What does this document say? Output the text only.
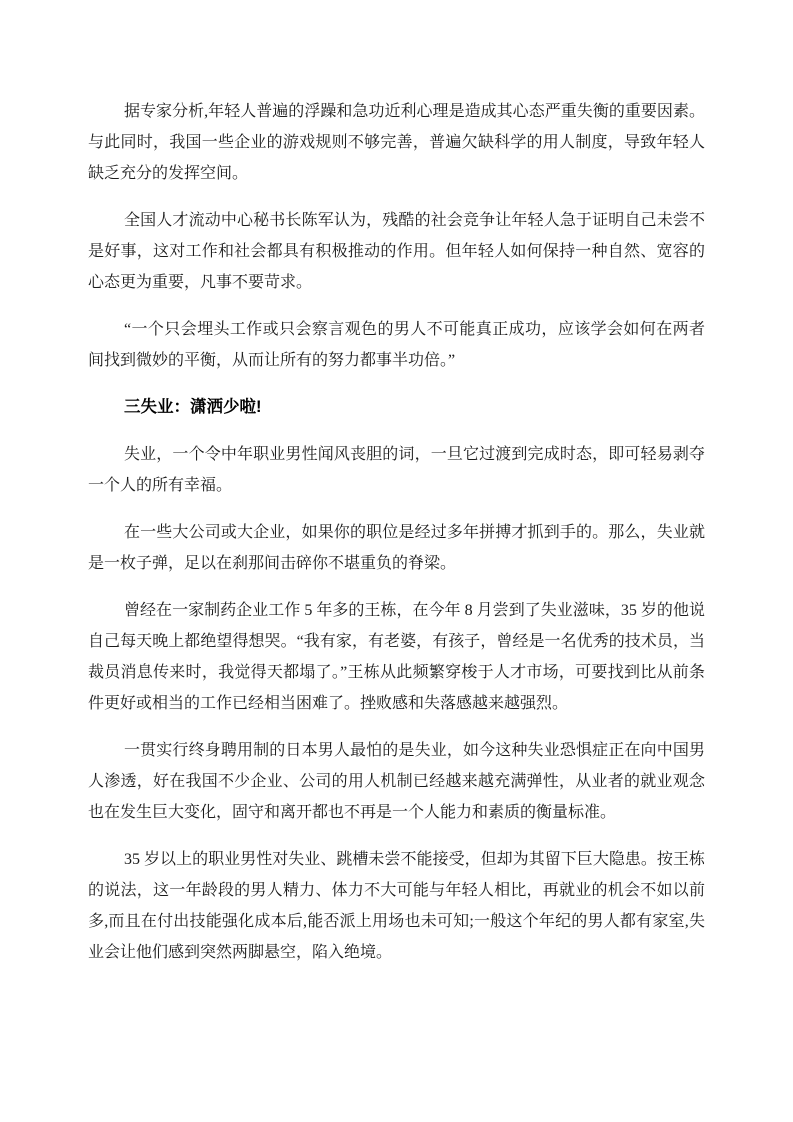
据专家分析,年轻人普遍的浮躁和急功近利心理是造成其心态严重失衡的重要因素。与此同时，我国一些企业的游戏规则不够完善，普遍欠缺科学的用人制度，导致年轻人缺乏充分的发挥空间。

全国人才流动中心秘书长陈军认为，残酷的社会竞争让年轻人急于证明自己未尝不是好事，这对工作和社会都具有积极推动的作用。但年轻人如何保持一种自然、宽容的心态更为重要，凡事不要苛求。

“一个只会埋头工作或只会察言观色的男人不可能真正成功，应该学会如何在两者间找到微妙的平衡，从而让所有的努力都事半功倍。”

三失业：潇洒少啦!

失业，一个令中年职业男性闻风丧胆的词，一旦它过渡到完成时态，即可轻易剥夺一个人的所有幸福。

在一些大公司或大企业，如果你的职位是经过多年拼搏才抓到手的。那么，失业就是一枚子弹，足以在刹那间击碎你不堪重负的脊梁。

曾经在一家制药企业工作 5 年多的王栋，在今年 8 月尝到了失业滋味，35 岁的他说自己每天晚上都绝望得想哭。“我有家，有老婆，有孩子，曾经是一名优秀的技术员，当裁员消息传来时，我觉得天都塌了。”王栋从此频繁穿梭于人才市场，可要找到比从前条件更好或相当的工作已经相当困难了。挫败感和失落感越来越强烈。

一贯实行终身聘用制的日本男人最怕的是失业，如今这种失业恐惧症正在向中国男人渗透，好在我国不少企业、公司的用人机制已经越来越充满弹性，从业者的就业观念也在发生巨大变化，固守和离开都也不再是一个人能力和素质的衡量标准。

35 岁以上的职业男性对失业、跳槽未尝不能接受，但却为其留下巨大隐患。按王栋的说法，这一年龄段的男人精力、体力不大可能与年轻人相比，再就业的机会不如以前多,而且在付出技能强化成本后,能否派上用场也未可知;一般这个年纪的男人都有家室,失业会让他们感到突然两脚悬空，陷入绝境。
